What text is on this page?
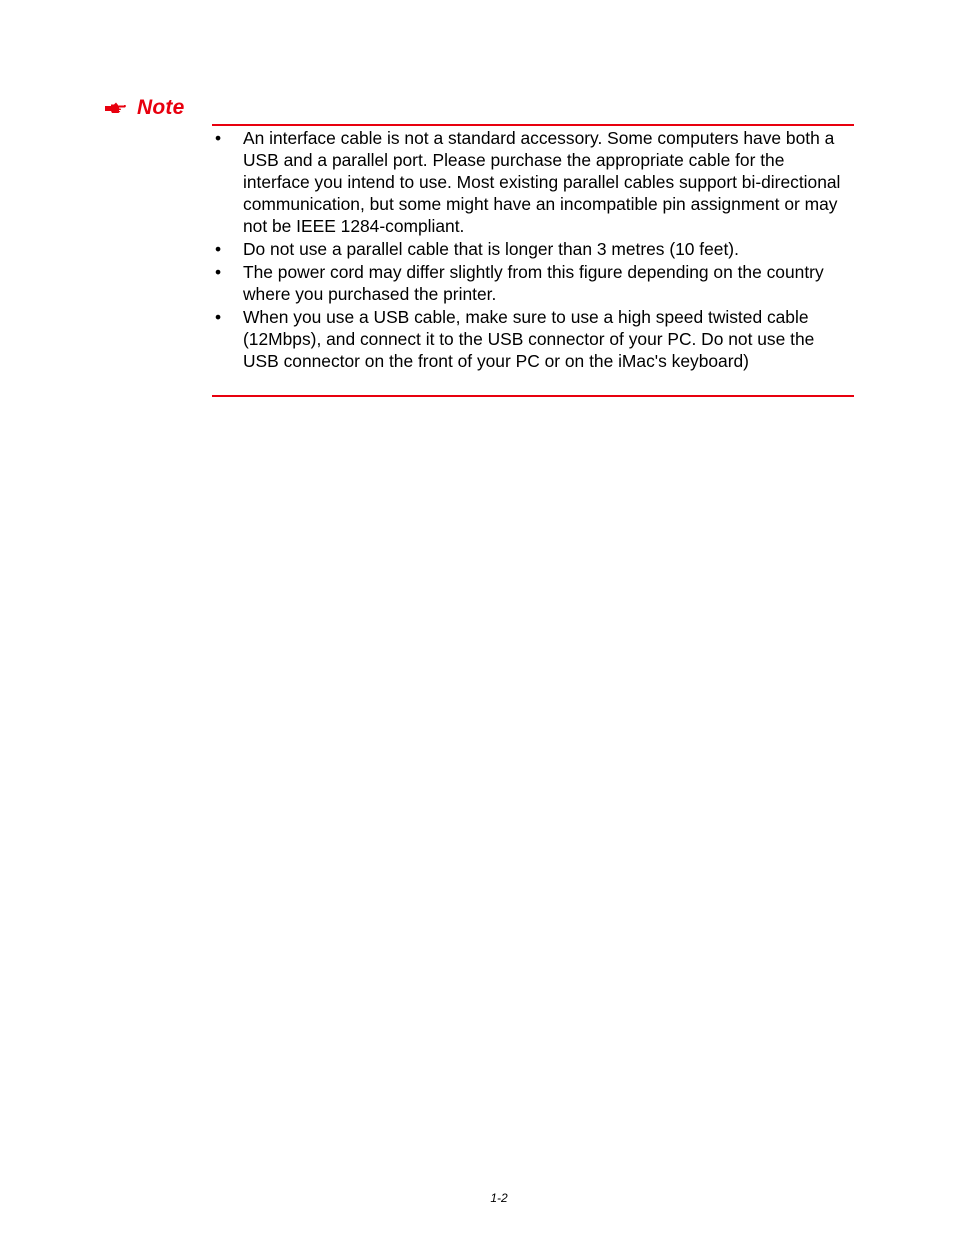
Note
• An interface cable is not a standard accessory. Some computers have both a USB and a parallel port. Please purchase the appropriate cable for the interface you intend to use. Most existing parallel cables support bi-directional communication, but some might have an incompatible pin assignment or may not be IEEE 1284-compliant.
• Do not use a parallel cable that is longer than 3 metres (10 feet).
• The power cord may differ slightly from this figure depending on the country where you purchased the printer.
• When you use a USB cable, make sure to use a high speed twisted cable (12Mbps), and connect it to the USB connector of your PC. Do not use the USB connector on the front of your PC or on the iMac's keyboard)
1-2
